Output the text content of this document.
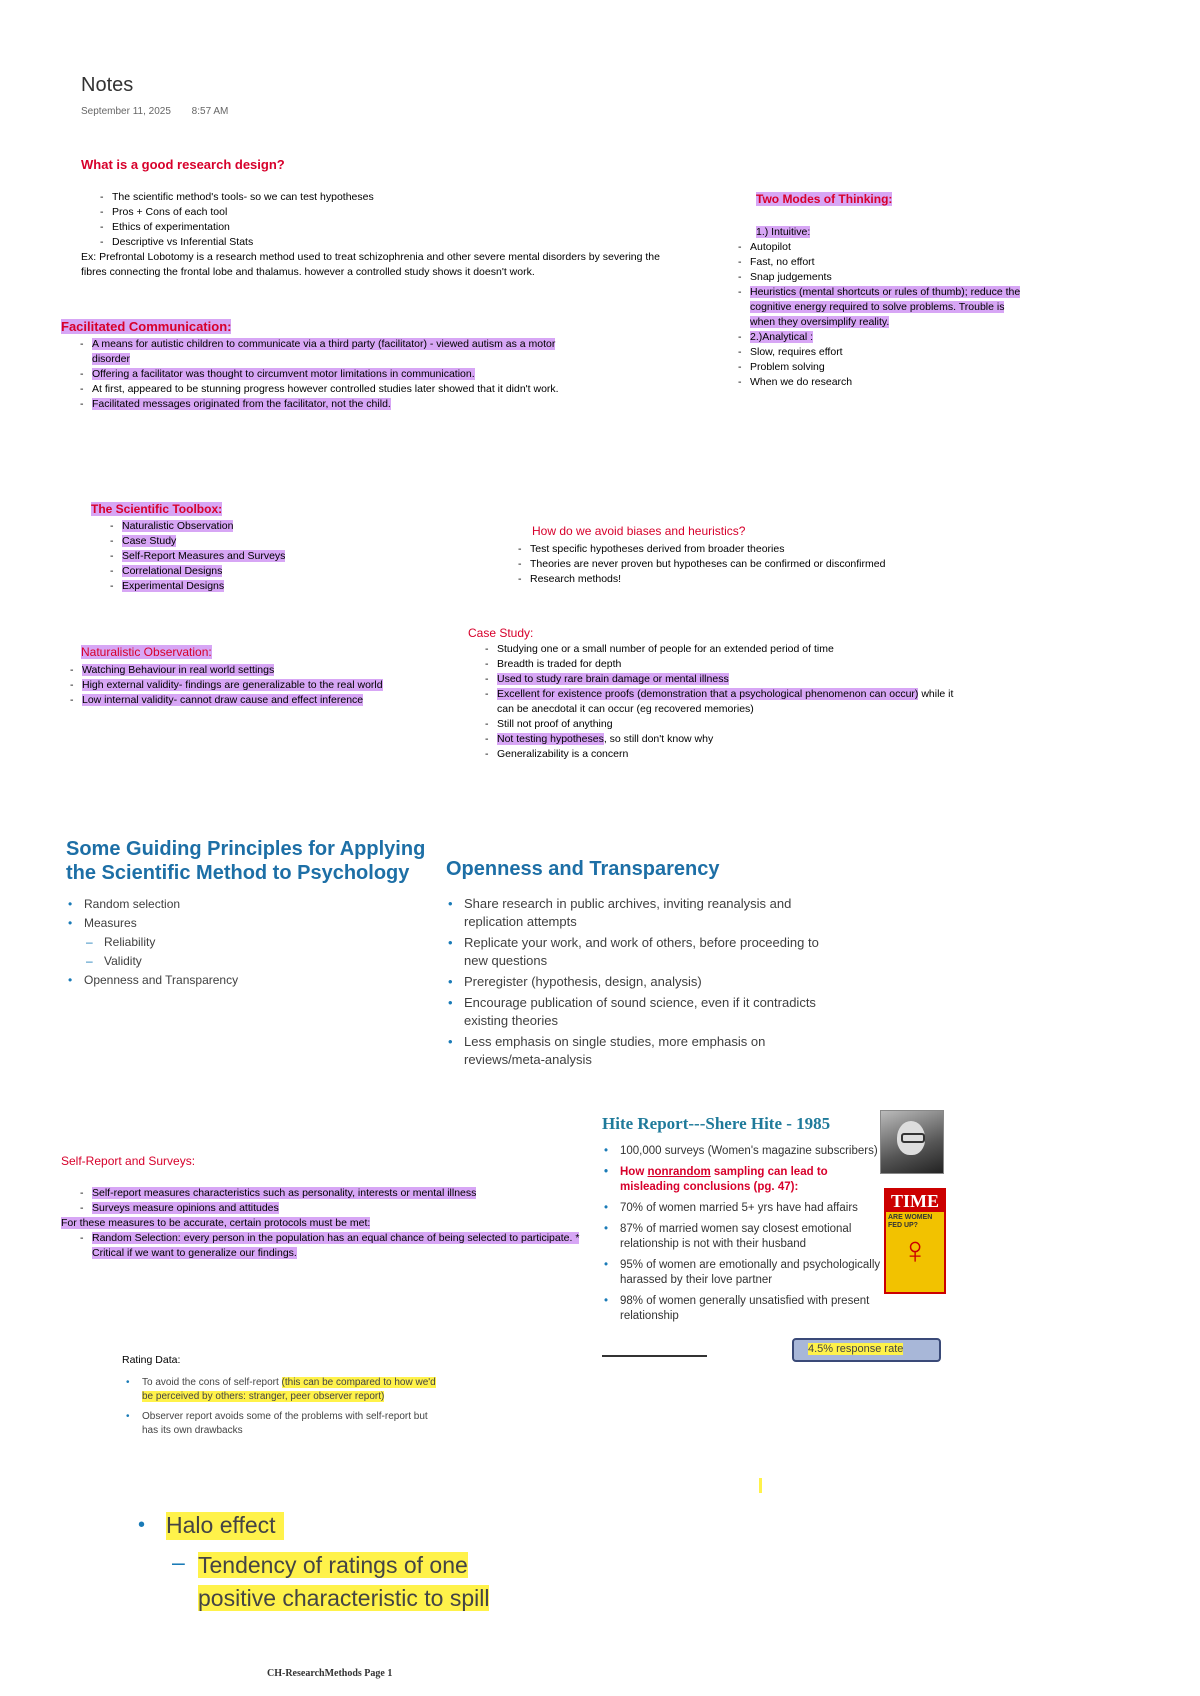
Notes
September 11, 2025 8:57 AM
What is a good research design?
- The scientific method's tools- so we can test hypotheses
- Pros + Cons of each tool
- Ethics of experimentation
- Descriptive vs Inferential Stats
Ex: Prefrontal Lobotomy is a research method used to treat schizophrenia and other severe mental disorders by severing the fibres connecting the frontal lobe and thalamus. however a controlled study shows it doesn't work.
Two Modes of Thinking:
1.) Intuitive:
- Autopilot
- Fast, no effort
- Snap judgements
- Heuristics (mental shortcuts or rules of thumb); reduce the cognitive energy required to solve problems. Trouble is when they oversimplify reality.
- 2.)Analytical :
- Slow, requires effort
- Problem solving
- When we do research
Facilitated Communication:
- A means for autistic children to communicate via a third party (facilitator) - viewed autism as a motor disorder
- Offering a facilitator was thought to circumvent motor limitations in communication.
- At first, appeared to be stunning progress however controlled studies later showed that it didn't work.
- Facilitated messages originated from the facilitator, not the child.
The Scientific Toolbox:
- Naturalistic Observation
- Case Study
- Self-Report Measures and Surveys
- Correlational Designs
- Experimental Designs
How do we avoid biases and heuristics?
- Test specific hypotheses derived from broader theories
- Theories are never proven but hypotheses can be confirmed or disconfirmed
- Research methods!
Naturalistic Observation:
- Watching Behaviour in real world settings
- High external validity- findings are generalizable to the real world
- Low internal validity- cannot draw cause and effect inference
Case Study:
- Studying one or a small number of people for an extended period of time
- Breadth is traded for depth
- Used to study rare brain damage or mental illness
- Excellent for existence proofs (demonstration that a psychological phenomenon can occur) while it can be anecdotal it can occur (eg recovered memories)
- Still not proof of anything
- Not testing hypotheses, so still don't know why
- Generalizability is a concern
Some Guiding Principles for Applying the Scientific Method to Psychology
• Random selection
• Measures
– Reliability
– Validity
• Openness and Transparency
Openness and Transparency
• Share research in public archives, inviting reanalysis and replication attempts
• Replicate your work, and work of others, before proceeding to new questions
• Preregister (hypothesis, design, analysis)
• Encourage publication of sound science, even if it contradicts existing theories
• Less emphasis on single studies, more emphasis on reviews/meta-analysis
Hite Report---Shere Hite - 1985
• 100,000 surveys (Women's magazine subscribers)
• How nonrandom sampling can lead to misleading conclusions (pg. 47):
• 70% of women married 5+ yrs have had affairs
• 87% of married women say closest emotional relationship is not with their husband
• 95% of women are emotionally and psychologically harassed by their love partner
• 98% of women generally unsatisfied with present relationship
TIME
ARE WOMEN FED UP?
♀
4.5% response rate
Self-Report and Surveys:
- Self-report measures characteristics such as personality, interests or mental illness
- Surveys measure opinions and attitudes
For these measures to be accurate, certain protocols must be met:
- Random Selection: every person in the population has an equal chance of being selected to participate. * Critical if we want to generalize our findings.
Rating Data:
• To avoid the cons of self-report (this can be compared to how we'd be perceived by others: stranger, peer observer report)
• Observer report avoids some of the problems with self-report but has its own drawbacks
• Halo effect
– Tendency of ratings of one positive characteristic to spill
CH-ResearchMethods Page 1
